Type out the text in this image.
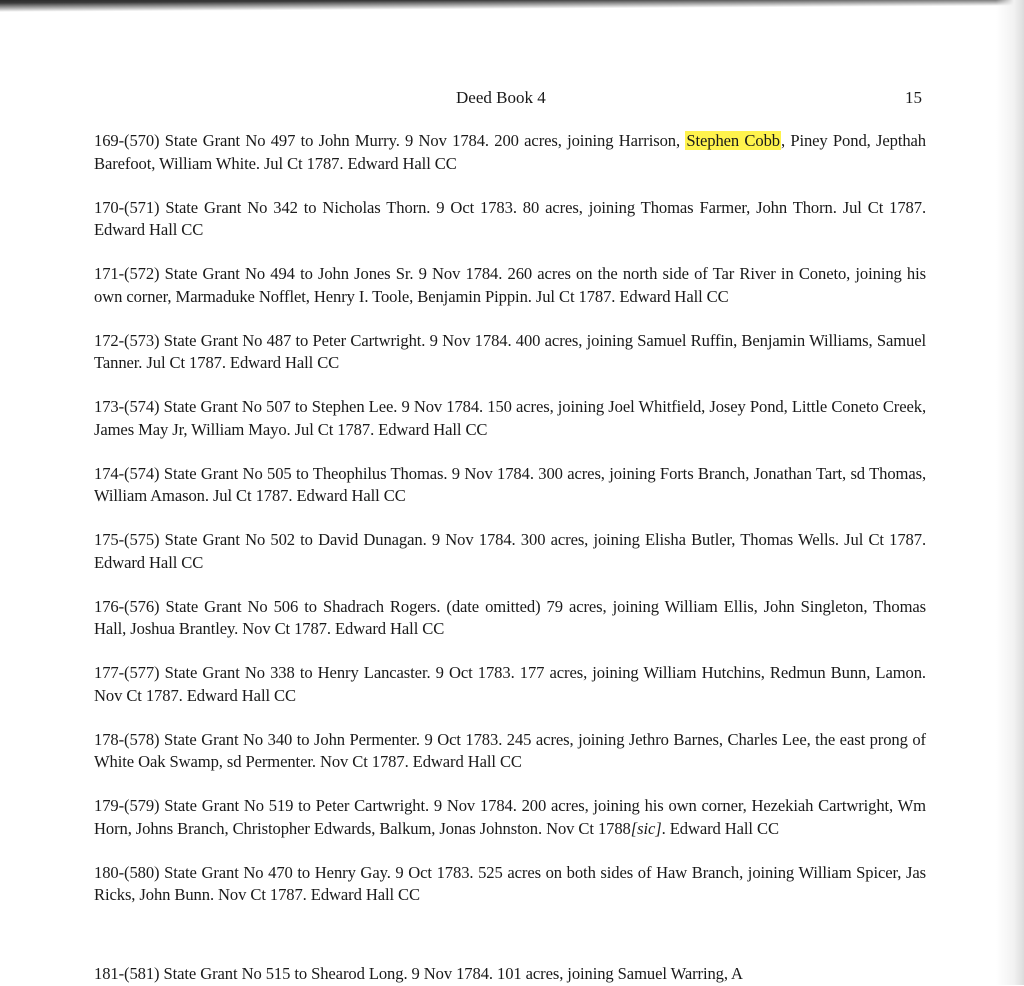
Deed Book 4	15

169-(570) State Grant No 497 to John Murry. 9 Nov 1784. 200 acres, joining Harrison, Stephen Cobb, Piney Pond, Jepthah Barefoot, William White. Jul Ct 1787. Edward Hall CC

170-(571) State Grant No 342 to Nicholas Thorn. 9 Oct 1783. 80 acres, joining Thomas Farmer, John Thorn. Jul Ct 1787. Edward Hall CC

171-(572) State Grant No 494 to John Jones Sr. 9 Nov 1784. 260 acres on the north side of Tar River in Coneto, joining his own corner, Marmaduke Nofflet, Henry I. Toole, Benjamin Pippin. Jul Ct 1787. Edward Hall CC

172-(573) State Grant No 487 to Peter Cartwright. 9 Nov 1784. 400 acres, joining Samuel Ruffin, Benjamin Williams, Samuel Tanner. Jul Ct 1787. Edward Hall CC

173-(574) State Grant No 507 to Stephen Lee. 9 Nov 1784. 150 acres, joining Joel Whitfield, Josey Pond, Little Coneto Creek, James May Jr, William Mayo. Jul Ct 1787. Edward Hall CC

174-(574) State Grant No 505 to Theophilus Thomas. 9 Nov 1784. 300 acres, joining Forts Branch, Jonathan Tart, sd Thomas, William Amason. Jul Ct 1787. Edward Hall CC

175-(575) State Grant No 502 to David Dunagan. 9 Nov 1784. 300 acres, joining Elisha Butler, Thomas Wells. Jul Ct 1787. Edward Hall CC

176-(576) State Grant No 506 to Shadrach Rogers. (date omitted) 79 acres, joining William Ellis, John Singleton, Thomas Hall, Joshua Brantley. Nov Ct 1787. Edward Hall CC

177-(577) State Grant No 338 to Henry Lancaster. 9 Oct 1783. 177 acres, joining William Hutchins, Redmun Bunn, Lamon. Nov Ct 1787. Edward Hall CC

178-(578) State Grant No 340 to John Permenter. 9 Oct 1783. 245 acres, joining Jethro Barnes, Charles Lee, the east prong of White Oak Swamp, sd Permenter. Nov Ct 1787. Edward Hall CC

179-(579) State Grant No 519 to Peter Cartwright. 9 Nov 1784. 200 acres, joining his own corner, Hezekiah Cartwright, Wm Horn, Johns Branch, Christopher Edwards, Balkum, Jonas Johnston. Nov Ct 1788[sic]. Edward Hall CC

180-(580) State Grant No 470 to Henry Gay. 9 Oct 1783. 525 acres on both sides of Haw Branch, joining William Spicer, Jas Ricks, John Bunn. Nov Ct 1787. Edward Hall CC

181-(581) State Grant No 515 to Shearod Long. 9 Nov 1784. 101 acres, joining Samuel Warring, A
